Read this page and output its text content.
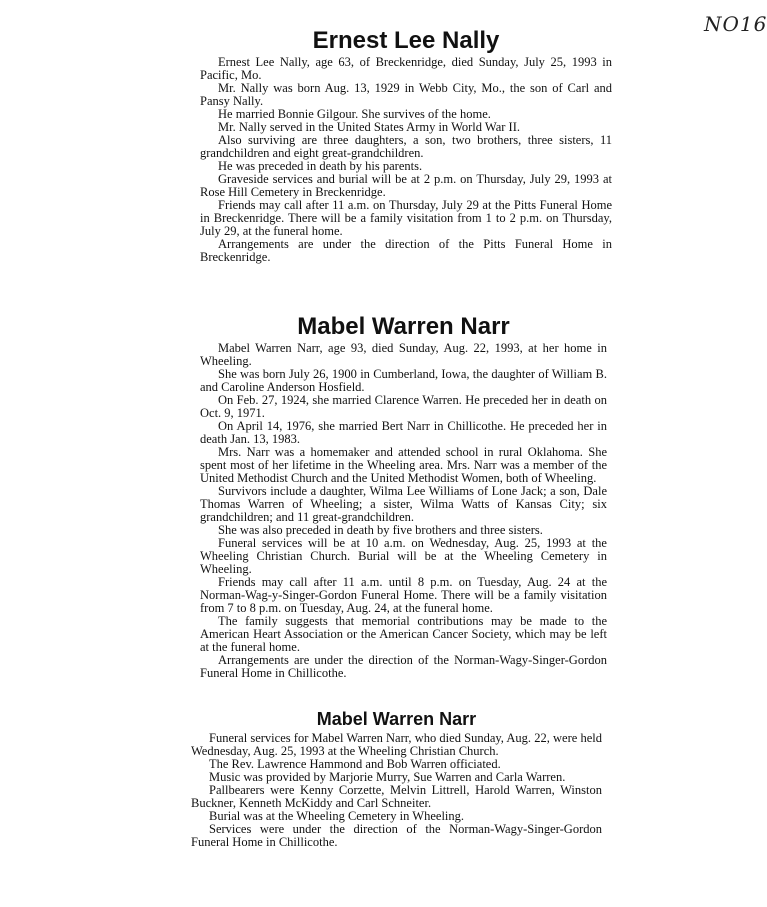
NO16
Ernest Lee Nally

Ernest Lee Nally, age 63, of Breckenridge, died Sunday, July 25, 1993 in Pacific, Mo.

Mr. Nally was born Aug. 13, 1929 in Webb City, Mo., the son of Carl and Pansy Nally.

He married Bonnie Gilgour. She survives of the home.

Mr. Nally served in the United States Army in World War II.

Also surviving are three daughters, a son, two brothers, three sisters, 11 grandchildren and eight great-grandchildren.

He was preceded in death by his parents.

Graveside services and burial will be at 2 p.m. on Thursday, July 29, 1993 at Rose Hill Cemetery in Breckenridge.

Friends may call after 11 a.m. on Thursday, July 29 at the Pitts Funeral Home in Breckenridge. There will be a family visitation from 1 to 2 p.m. on Thursday, July 29, at the funeral home.

Arrangements are under the direction of the Pitts Funeral Home in Breckenridge.

Mabel Warren Narr

Mabel Warren Narr, age 93, died Sunday, Aug. 22, 1993, at her home in Wheeling.

She was born July 26, 1900 in Cumberland, Iowa, the daughter of William B. and Caroline Anderson Hosfield.

On Feb. 27, 1924, she married Clarence Warren. He preceded her in death on Oct. 9, 1971.

On April 14, 1976, she married Bert Narr in Chillicothe. He preceded her in death Jan. 13, 1983.

Mrs. Narr was a homemaker and attended school in rural Oklahoma. She spent most of her lifetime in the Wheeling area. Mrs. Narr was a member of the United Methodist Church and the United Methodist Women, both of Wheeling.

Survivors include a daughter, Wilma Lee Williams of Lone Jack; a son, Dale Thomas Warren of Wheeling; a sister, Wilma Watts of Kansas City; six grandchildren; and 11 great-grandchildren.

She was also preceded in death by five brothers and three sisters.

Funeral services will be at 10 a.m. on Wednesday, Aug. 25, 1993 at the Wheeling Christian Church. Burial will be at the Wheeling Cemetery in Wheeling.

Friends may call after 11 a.m. until 8 p.m. on Tuesday, Aug. 24 at the Norman-Wag-y-Singer-Gordon Funeral Home. There will be a family visitation from 7 to 8 p.m. on Tuesday, Aug. 24, at the funeral home.

The family suggests that memorial contributions may be made to the American Heart Association or the American Cancer Society, which may be left at the funeral home.

Arrangements are under the direction of the Norman-Wagy-Singer-Gordon Funeral Home in Chillicothe.

Mabel Warren Narr

Funeral services for Mabel Warren Narr, who died Sunday, Aug. 22, were held Wednesday, Aug. 25, 1993 at the Wheeling Christian Church.

The Rev. Lawrence Hammond and Bob Warren officiated.

Music was provided by Marjorie Murry, Sue Warren and Carla Warren.

Pallbearers were Kenny Corzette, Melvin Littrell, Harold Warren, Winston Buckner, Kenneth McKiddy and Carl Schneiter.

Burial was at the Wheeling Cemetery in Wheeling.

Services were under the direction of the Norman-Wagy-Singer-Gordon Funeral Home in Chillicothe.
